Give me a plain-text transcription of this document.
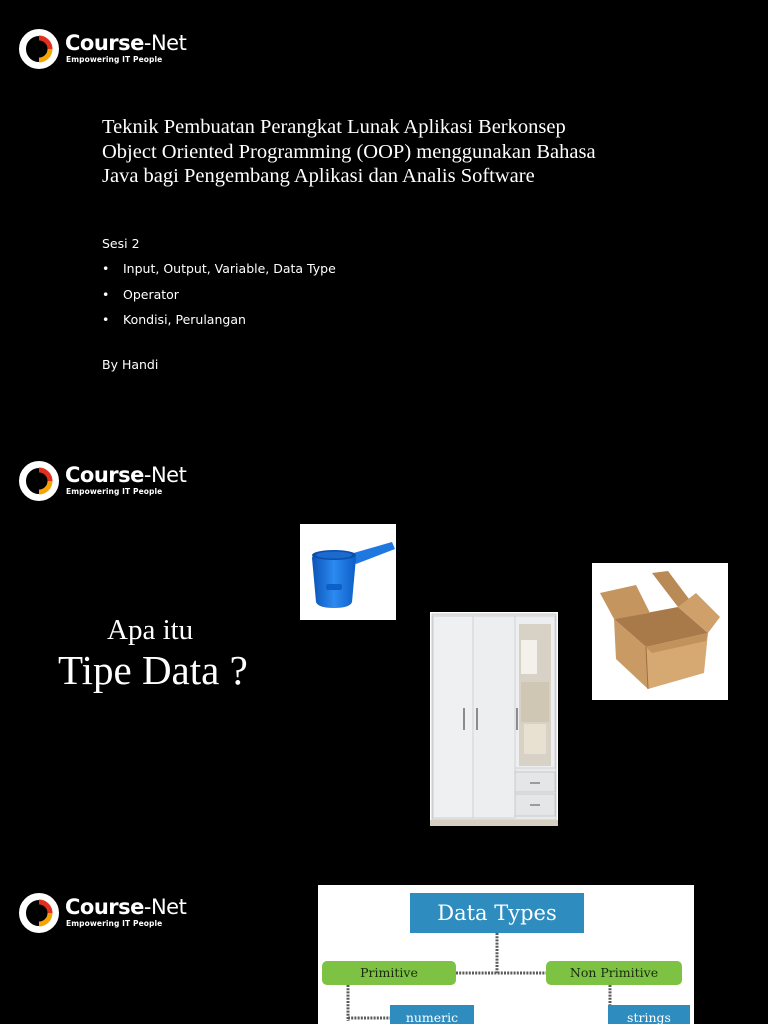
Course-Net
Empowering IT People
Teknik Pembuatan Perangkat Lunak Aplikasi Berkonsep
Object Oriented Programming (OOP) menggunakan Bahasa
Java bagi Pengembang Aplikasi dan Analis Software
Sesi 2
• Input, Output, Variable, Data Type
• Operator
• Kondisi, Perulangan
By Handi
Course-Net
Empowering IT People
Apa itu
Tipe Data ?
Course-Net
Empowering IT People	Data Types
Primitive	Non Primitive
numeric	strings
